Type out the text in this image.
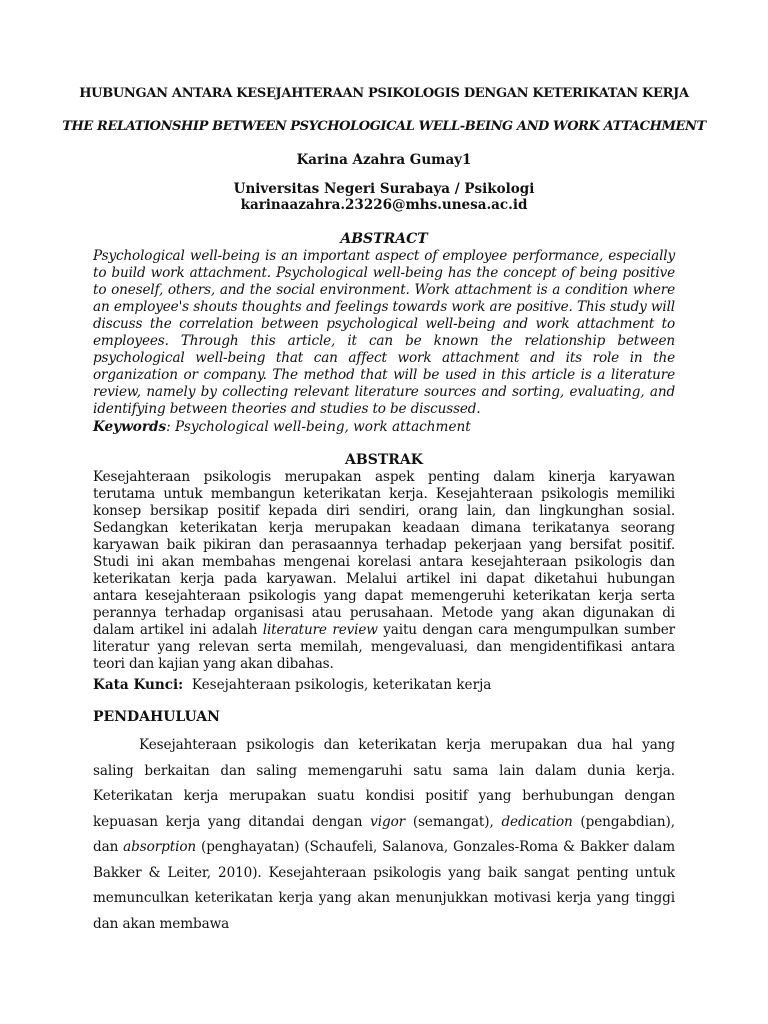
HUBUNGAN ANTARA KESEJAHTERAAN PSIKOLOGIS DENGAN KETERIKATAN KERJA
THE RELATIONSHIP BETWEEN PSYCHOLOGICAL WELL-BEING AND WORK ATTACHMENT
Karina Azahra Gumay1
Universitas Negeri Surabaya / Psikologi
karinaazahra.23226@mhs.unesa.ac.id
ABSTRACT
Psychological well-being is an important aspect of employee performance, especially to build work attachment. Psychological well-being has the concept of being positive to oneself, others, and the social environment. Work attachment is a condition where an employee's shouts thoughts and feelings towards work are positive. This study will discuss the correlation between psychological well-being and work attachment to employees. Through this article, it can be known the relationship between psychological well-being that can affect work attachment and its role in the organization or company. The method that will be used in this article is a literature review, namely by collecting relevant literature sources and sorting, evaluating, and identifying between theories and studies to be discussed.
Keywords: Psychological well-being, work attachment
ABSTRAK
Kesejahteraan psikologis merupakan aspek penting dalam kinerja karyawan terutama untuk membangun keterikatan kerja. Kesejahteraan psikologis memiliki konsep bersikap positif kepada diri sendiri, orang lain, dan lingkunghan sosial. Sedangkan keterikatan kerja merupakan keadaan dimana terikatanya seorang karyawan baik pikiran dan perasaannya terhadap pekerjaan yang bersifat positif. Studi ini akan membahas mengenai korelasi antara kesejahteraan psikologis dan keterikatan kerja pada karyawan. Melalui artikel ini dapat diketahui hubungan antara kesejahteraan psikologis yang dapat memengeruhi keterikatan kerja serta perannya terhadap organisasi atau perusahaan. Metode yang akan digunakan di dalam artikel ini adalah literature review yaitu dengan cara mengumpulkan sumber literatur yang relevan serta memilah, mengevaluasi, dan mengidentifikasi antara teori dan kajian yang akan dibahas.
Kata Kunci:  Kesejahteraan psikologis, keterikatan kerja
PENDAHULUAN
Kesejahteraan psikologis dan keterikatan kerja merupakan dua hal yang saling berkaitan dan saling memengaruhi satu sama lain dalam dunia kerja. Keterikatan kerja merupakan suatu kondisi positif yang berhubungan dengan kepuasan kerja yang ditandai dengan vigor (semangat), dedication (pengabdian), dan absorption (penghayatan) (Schaufeli, Salanova, Gonzales-Roma & Bakker dalam Bakker & Leiter, 2010). Kesejahteraan psikologis yang baik sangat penting untuk memunculkan keterikatan kerja yang akan menunjukkan motivasi kerja yang tinggi dan akan membawa
